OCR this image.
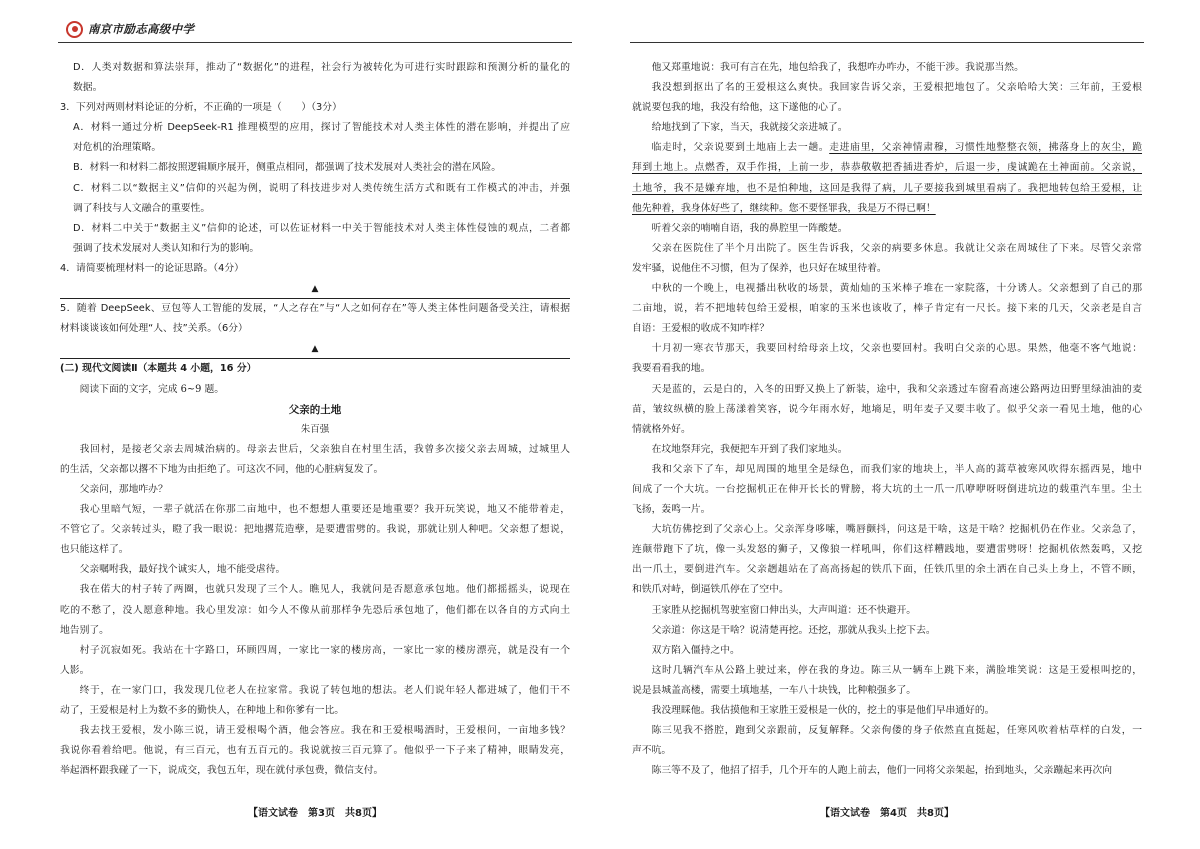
南京市励志高级中学
D．人类对数据和算法崇拜，推动了“数据化”的进程，社会行为被转化为可进行实时跟踪和预测分析的量化的
数据。
3．下列对两则材料论证的分析，不正确的一项是（　　）（3分）
A．材料一通过分析 DeepSeek-R1 推理模型的应用，探讨了智能技术对人类主体性的潜在影响，并提出了应
对危机的治理策略。
B．材料一和材料二都按照逻辑顺序展开，侧重点相同，都强调了技术发展对人类社会的潜在风险。
C．材料二以“数据主义”信仰的兴起为例，说明了科技进步对人类传统生活方式和既有工作模式的冲击，并强
调了科技与人文融合的重要性。
D．材料二中关于“数据主义”信仰的论述，可以佐证材料一中关于智能技术对人类主体性侵蚀的观点，二者都
强调了技术发展对人类认知和行为的影响。
4．请简要梳理材料一的论证思路。（4分）
▲
5．随着 DeepSeek、豆包等人工智能的发展，“人之存在”与“人之如何存在”等人类主体性问题备受关注，请根据
材料谈谈该如何处理“人、技”关系。（6分）
▲
(二) 现代文阅读Ⅱ（本题共 4 小题，16 分）
阅读下面的文字，完成 6~9 题。
父亲的土地
朱百强
我回村，是接老父亲去周城治病的。母亲去世后，父亲独自在村里生活，我曾多次接父亲去周城，过城里人
的生活，父亲都以撂不下地为由拒绝了。可这次不同，他的心脏病复发了。
父亲问，那地咋办？
我心里暗气短，一辈子就活在你那二亩地中，也不想想人重要还是地重要？我开玩笑说，地又不能带着走，
不管它了。父亲转过头，瞪了我一眼说：把地撂荒造孽，是要遭雷劈的。我说，那就让别人种吧。父亲想了想说，
也只能这样了。
父亲嘱咐我，最好找个诚实人，地不能受虐待。
我在偌大的村子转了两圈，也就只发现了三个人。瞧见人，我就问是否愿意承包地。他们都摇摇头，说现在
吃的不愁了，没人愿意种地。我心里发凉：如今人不像从前那样争先恐后承包地了，他们都在以各自的方式向土
地告别了。
村子沉寂如死。我站在十字路口，环顾四周，一家比一家的楼房高，一家比一家的楼房漂亮，就是没有一个
人影。
终于，在一家门口，我发现几位老人在拉家常。我说了转包地的想法。老人们说年轻人都进城了，他们干不
动了，王爱根是村上为数不多的勤快人，在种地上和你爹有一比。
我去找王爱根，发小陈三说，请王爱根喝个酒，他会答应。我在和王爱根喝酒时，王爱根问，一亩地多钱？
我说你看着给吧。他说，有三百元，也有五百元的。我说就按三百元算了。他似乎一下子来了精神，眼睛发亮，
举起酒杯跟我碰了一下，说成交，我包五年，现在就付承包费，微信支付。
他又郑重地说：我可有言在先，地包给我了，我想咋办咋办，不能干涉。我说那当然。
我没想到抠出了名的王爱根这么爽快。我回家告诉父亲，王爱根把地包了。父亲哈哈大笑：三年前，王爱根
就说要包我的地，我没有给他，这下遂他的心了。
给地找到了下家，当天，我就接父亲进城了。
临走时，父亲说要到土地庙上去一趟。走进庙里，父亲神情肃穆，习惯性地整整衣领，拂落身上的灰尘，跪
拜到土地上。点燃香，双手作揖，上前一步，恭恭敬敬把香插进香炉，后退一步，虔诚跪在土神面前。父亲说，
土地爷，我不是嫌弃地，也不是怕种地，这回是我得了病，儿子要接我到城里看病了。我把地转包给王爱根，让
他先种着，我身体好些了，继续种。您不要怪罪我，我是万不得已啊！
听着父亲的喃喃自语，我的鼻腔里一阵酸楚。
父亲在医院住了半个月出院了。医生告诉我，父亲的病要多休息。我就让父亲在周城住了下来。尽管父亲常
发牢骚，说他住不习惯，但为了保养，也只好在城里待着。
中秋的一个晚上，电视播出秋收的场景，黄灿灿的玉米棒子堆在一家院落，十分诱人。父亲想到了自己的那
二亩地，说，若不把地转包给王爱根，咱家的玉米也该收了，棒子肯定有一尺长。接下来的几天，父亲老是自言
自语：王爱根的收成不知咋样？
十月初一寒衣节那天，我要回村给母亲上坟，父亲也要回村。我明白父亲的心思。果然，他毫不客气地说：
我要看看我的地。
天是蓝的，云是白的，入冬的田野又换上了新装，途中，我和父亲透过车窗看高速公路两边田野里绿油油的麦
苗，皱纹纵横的脸上荡漾着笑容，说今年雨水好，地墒足，明年麦子又要丰收了。似乎父亲一看见土地，他的心
情就格外好。
在坟地祭拜完，我便把车开到了我们家地头。
我和父亲下了车，却见周围的地里全是绿色，而我们家的地块上，半人高的蒿草被寒风吹得东摇西晃，地中
间成了一个大坑。一台挖掘机正在伸开长长的臂膀，将大坑的土一爪一爪咿咿呀呀倒进坑边的载重汽车里。尘土
飞扬，轰鸣一片。
大坑仿佛挖到了父亲心上。父亲浑身哆嗦，嘴唇颤抖，问这是干啥，这是干啥？挖掘机仍在作业。父亲急了，
连颠带跑下了坑，像一头发怒的狮子，又像狼一样吼叫，你们这样糟践地，要遭雷劈呀！挖掘机依然轰鸣，又挖
出一爪土，要倒进汽车。父亲趔趄站在了高高扬起的铁爪下面，任铁爪里的余土洒在自己头上身上，不管不顾，
和铁爪对峙，倒逼铁爪停在了空中。
王家胜从挖掘机驾驶室窗口伸出头，大声叫道：还不快避开。
父亲道：你这是干啥？说清楚再挖。还挖，那就从我头上挖下去。
双方陷入僵持之中。
这时几辆汽车从公路上驶过来，停在我的身边。陈三从一辆车上跳下来，满脸堆笑说：这是王爱根叫挖的，
说是县城盖高楼，需要土填地基，一车八十块钱，比种粮强多了。
我没理睬他。我估摸他和王家胜王爱根是一伙的，挖土的事是他们早串通好的。
陈三见我不搭腔，跑到父亲跟前，反复解释。父亲佝偻的身子依然直直挺起，任寒风吹着枯草样的白发，一
声不吭。
陈三等不及了，他招了招手，几个开车的人跑上前去，他们一同将父亲架起，抬到地头，父亲蹦起来再次向
【语文试卷　第3页　共8页】	【语文试卷　第4页　共8页】
